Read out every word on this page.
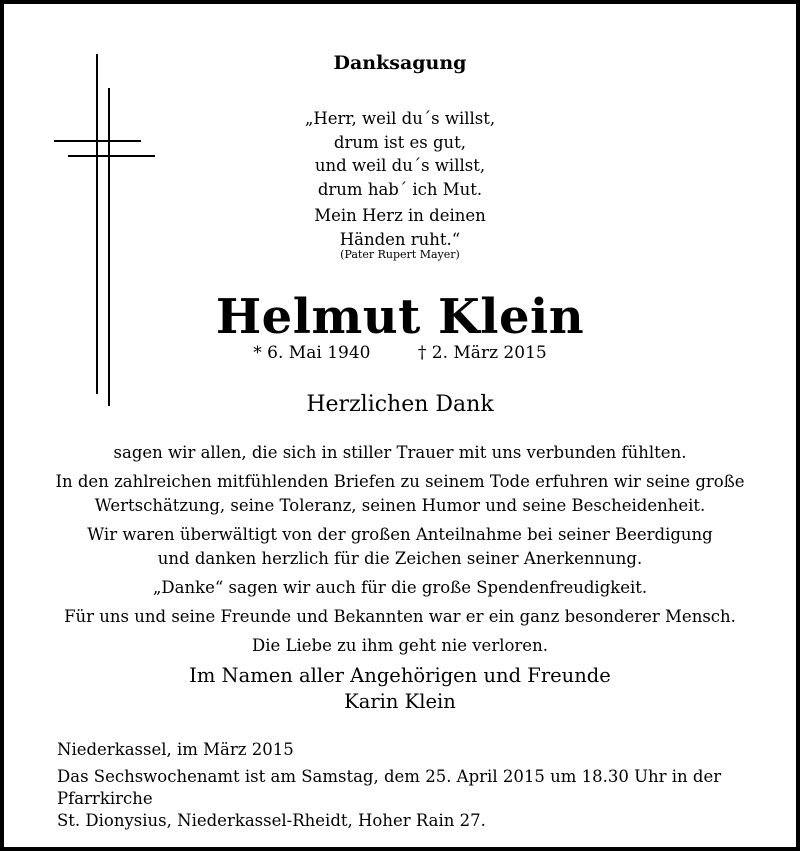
Danksagung
„Herr, weil du´s willst,
drum ist es gut,
und weil du´s willst,
drum hab´ ich Mut.
Mein Herz in deinen
Händen ruht.“
(Pater Rupert Mayer)
Helmut Klein
* 6. Mai 1940	† 2. März 2015
Herzlichen Dank

sagen wir allen, die sich in stiller Trauer mit uns verbunden fühlten.

In den zahlreichen mitfühlenden Briefen zu seinem Tode erfuhren wir seine große

Wertschätzung, seine Toleranz, seinen Humor und seine Bescheidenheit.

Wir waren überwältigt von der großen Anteilnahme bei seiner Beerdigung

und danken herzlich für die Zeichen seiner Anerkennung.

„Danke“ sagen wir auch für die große Spendenfreudigkeit.

Für uns und seine Freunde und Bekannten war er ein ganz besonderer Mensch.

Die Liebe zu ihm geht nie verloren.

Im Namen aller Angehörigen und Freunde
Karin Klein
Niederkassel, im März 2015
Das Sechswochenamt ist am Samstag, dem 25. April 2015 um 18.30 Uhr in der Pfarrkirche
St. Dionysius, Niederkassel-Rheidt, Hoher Rain 27.
